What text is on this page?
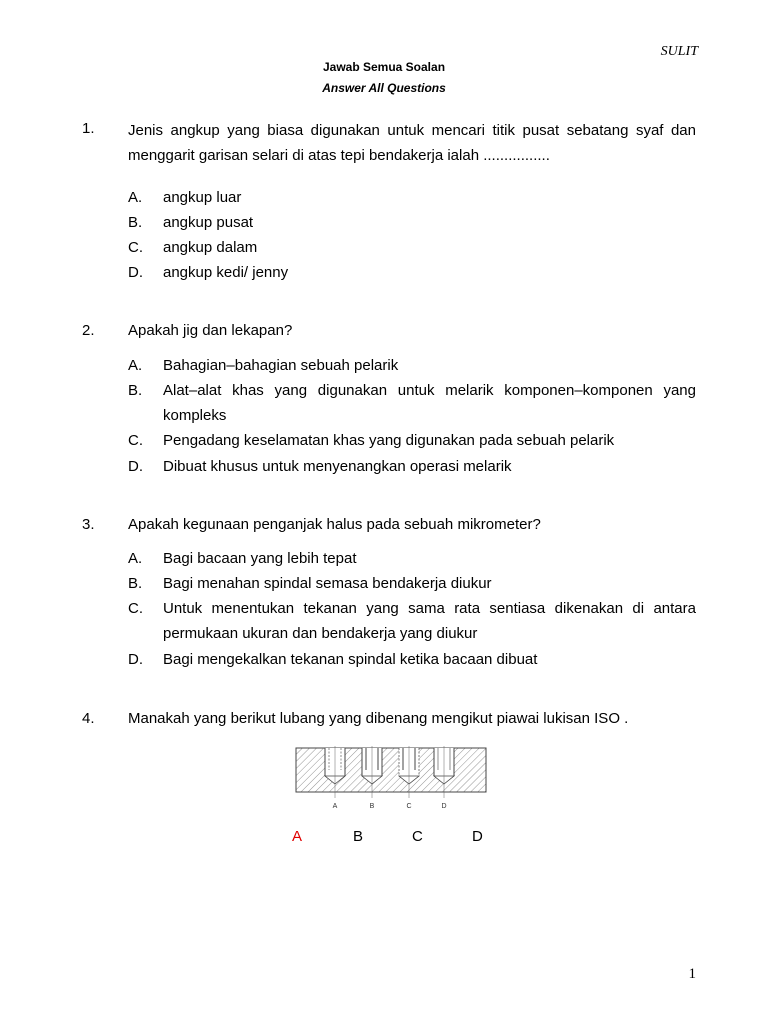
SULIT
Jawab Semua Soalan
Answer All Questions
1. Jenis angkup yang biasa digunakan untuk mencari titik pusat sebatang syaf dan menggarit garisan selari di atas tepi bendakerja ialah ................
A. angkup luar
B. angkup pusat
C. angkup dalam
D. angkup kedi/ jenny
2. Apakah jig dan lekapan?
A. Bahagian–bahagian sebuah pelarik
B. Alat–alat khas yang digunakan untuk melarik komponen–komponen yang kompleks
C. Pengadang keselamatan khas yang digunakan pada sebuah pelarik
D. Dibuat khusus untuk menyenangkan operasi melarik
3. Apakah kegunaan penganjak halus pada sebuah mikrometer?
A. Bagi bacaan yang lebih tepat
B. Bagi menahan spindal semasa bendakerja diukur
C. Untuk menentukan tekanan yang sama rata sentiasa dikenakan di antara permukaan ukuran dan bendakerja yang diukur
D. Bagi mengekalkan tekanan spindal ketika bacaan dibuat
4. Manakah yang berikut lubang yang dibenang mengikut piawai lukisan ISO .
A	B	C	D
A	B	C	D
1
